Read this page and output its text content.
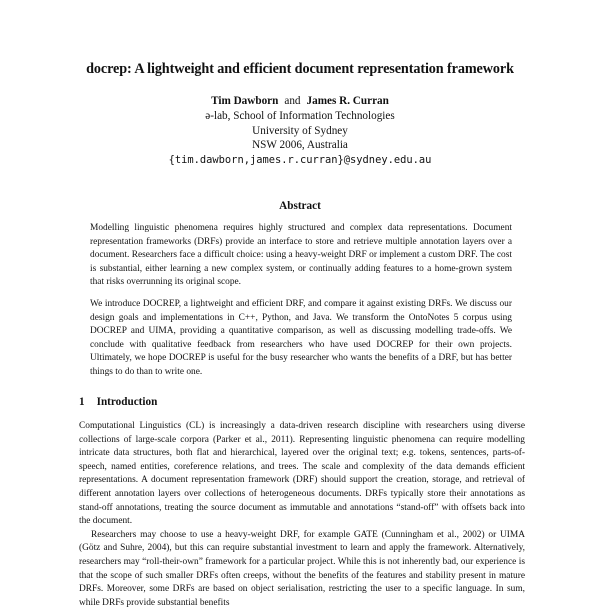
docrep: A lightweight and efficient document representation framework
Tim Dawborn and James R. Curran
ə-lab, School of Information Technologies
University of Sydney
NSW 2006, Australia
{tim.dawborn,james.r.curran}@sydney.edu.au
Abstract

Modelling linguistic phenomena requires highly structured and complex data representations. Document representation frameworks (DRFs) provide an interface to store and retrieve multiple annotation layers over a document. Researchers face a difficult choice: using a heavy-weight DRF or implement a custom DRF. The cost is substantial, either learning a new complex system, or continually adding features to a home-grown system that risks overrunning its original scope.

We introduce DOCREP, a lightweight and efficient DRF, and compare it against existing DRFs. We discuss our design goals and implementations in C++, Python, and Java. We transform the OntoNotes 5 corpus using DOCREP and UIMA, providing a quantitative comparison, as well as discussing modelling trade-offs. We conclude with qualitative feedback from researchers who have used DOCREP for their own projects. Ultimately, we hope DOCREP is useful for the busy researcher who wants the benefits of a DRF, but has better things to do than to write one.

1 Introduction

Computational Linguistics (CL) is increasingly a data-driven research discipline with researchers using diverse collections of large-scale corpora (Parker et al., 2011). Representing linguistic phenomena can require modelling intricate data structures, both flat and hierarchical, layered over the original text; e.g. tokens, sentences, parts-of-speech, named entities, coreference relations, and trees. The scale and complexity of the data demands efficient representations. A document representation framework (DRF) should support the creation, storage, and retrieval of different annotation layers over collections of heterogeneous documents. DRFs typically store their annotations as stand-off annotations, treating the source document as immutable and annotations “stand-off” with offsets back into the document.

Researchers may choose to use a heavy-weight DRF, for example GATE (Cunningham et al., 2002) or UIMA (Götz and Suhre, 2004), but this can require substantial investment to learn and apply the framework. Alternatively, researchers may “roll-their-own” framework for a particular project. While this is not inherently bad, our experience is that the scope of such smaller DRFs often creeps, without the benefits of the features and stability present in mature DRFs. Moreover, some DRFs are based on object serialisation, restricting the user to a specific language. In sum, while DRFs provide substantial benefits
